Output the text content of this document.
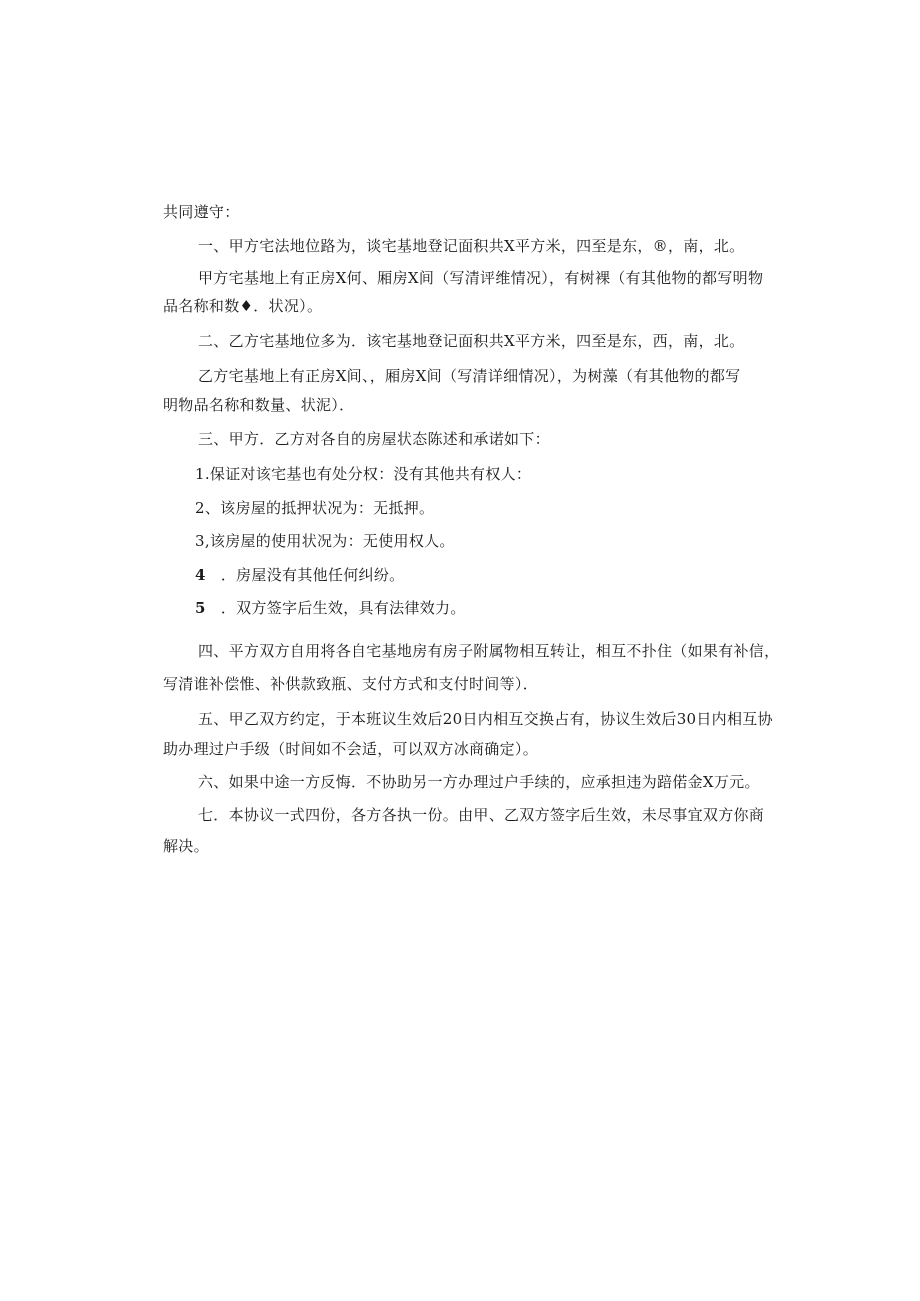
共同遵守：
一、甲方宅法地位路为，谈宅基地登记面积共X平方米，四至是东，®，南，北。
甲方宅基地上有正房X何、厢房X间（写清评维情况），有树裸（有其他物的都写明物
品名称和数♦．状况）。
二、乙方宅基地位多为．该宅基地登记面积共X平方米，四至是东，西，南，北。
乙方宅基地上有正房X间、，厢房X间（写清详细情况），为树藻（有其他物的都写
明物品名称和数量、状泥）．
三、甲方．乙方对各自的房屋状态陈述和承诺如下：
1.保证对该宅基也有处分权：没有其他共有权人：
2、该房屋的抵押状况为：无抵押。
3,该房屋的使用状况为：无使用权人。
4 ．房屋没有其他任何纠纷。
5 ．双方签字后生效，具有法律效力。
四、平方双方自用将各自宅基地房有房子附属物相互转让，相互不扑住（如果有补信，
写清谁补偿惟、补供款致瓶、支付方式和支付时间等）．
五、甲乙双方约定，于本班议生效后20日内相互交换占有，协议生效后30日内相互协
助办理过户手级（时间如不会适，可以双方冰商确定）。
六、如果中途一方反悔．不协助另一方办理过户手续的，应承担违为踣偌金X万元。
七．本协议一式四份，各方各执一份。由甲、乙双方签字后生效，未尽事宜双方你商
解决。
